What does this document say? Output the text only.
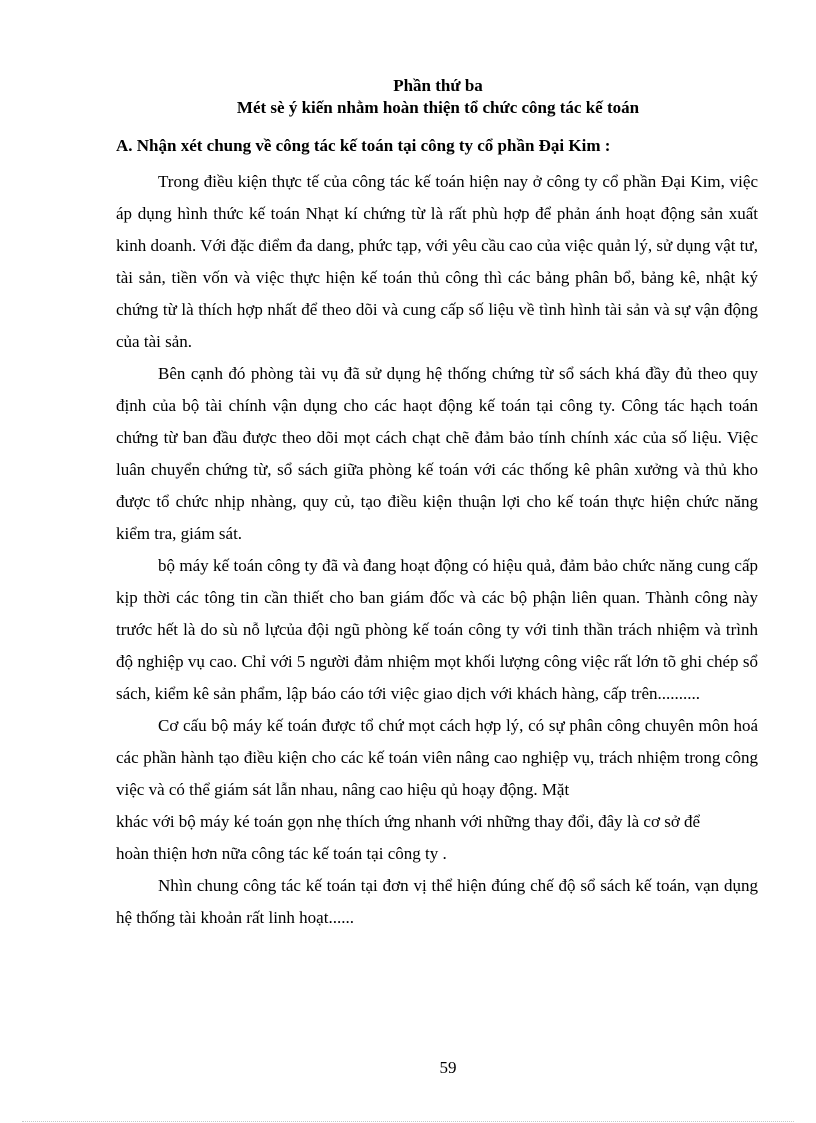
Phần thứ ba
Mét sè ý kiến nhằm hoàn thiện tổ chức công tác kế toán
A. Nhận xét chung về công tác kế toán tại công ty cổ phần Đại Kim :

Trong điều kiện thực tế của công tác kế toán hiện nay ở công ty cổ phần Đại Kim, việc áp dụng hình thức kế toán Nhạt kí chứng từ là rất phù hợp để phản ánh hoạt động sản xuất kinh doanh. Với đặc điểm đa dang, phức tạp, với yêu cầu cao của việc quản lý, sử dụng vật tư, tài sản, tiền vốn và việc thực hiện kế toán thủ công thì các bảng phân bổ, bảng kê, nhật ký chứng từ là thích hợp nhất để theo dõi và cung cấp số liệu về tình hình tài sản và sự vận động của tài sản.

Bên cạnh đó phòng tài vụ đã sử dụng hệ thống chứng từ sổ sách khá đầy đủ theo quy định của bộ tài chính vận dụng cho các haọt động kế toán tại công ty. Công tác hạch toán chứng từ ban đầu được theo dõi mọt cách chạt chẽ đảm bảo tính chính xác của số liệu. Việc luân chuyển chứng từ, sổ sách giữa phòng kế toán với các thống kê phân xưởng và thủ kho được tổ chức nhịp nhàng, quy củ, tạo điều kiện thuận lợi cho kế toán thực hiện chức năng kiểm tra, giám sát.

bộ máy kế toán công ty đã và đang hoạt động có hiệu quả, đảm bảo chức năng cung cấp kịp thời các tông tin cần thiết cho ban giám đốc và các bộ phận liên quan. Thành công này trước hết là do sù nỗ lựcủa đội ngũ phòng kế toán công ty với tinh thần trách nhiệm và trình độ nghiệp vụ cao. Chỉ với 5 người đảm nhiệm mọt khối lượng công việc rất lớn tõ ghi chép sổ sách, kiểm kê sản phẩm, lập báo cáo tới việc giao dịch với khách hàng, cấp trên..........

Cơ cấu bộ máy kế toán được tổ chứ mọt cách hợp lý, có sự phân công chuyên môn hoá các phần hành tạo điều kiện cho các kế toán viên nâng cao nghiệp vụ, trách nhiệm trong công việc và có thể giám sát lẫn nhau, nâng cao hiệu qủ hoạy động. Mặt

khác với bộ máy ké toán gọn nhẹ thích ứng nhanh với những thay đổi, đây là cơ sở để

hoàn thiện hơn nữa công tác kế toán tại công ty .

Nhìn chung công tác kế toán tại đơn vị thể hiện đúng chế độ sổ sách kế toán, vạn dụng hệ thống tài khoản rất linh hoạt......

59
